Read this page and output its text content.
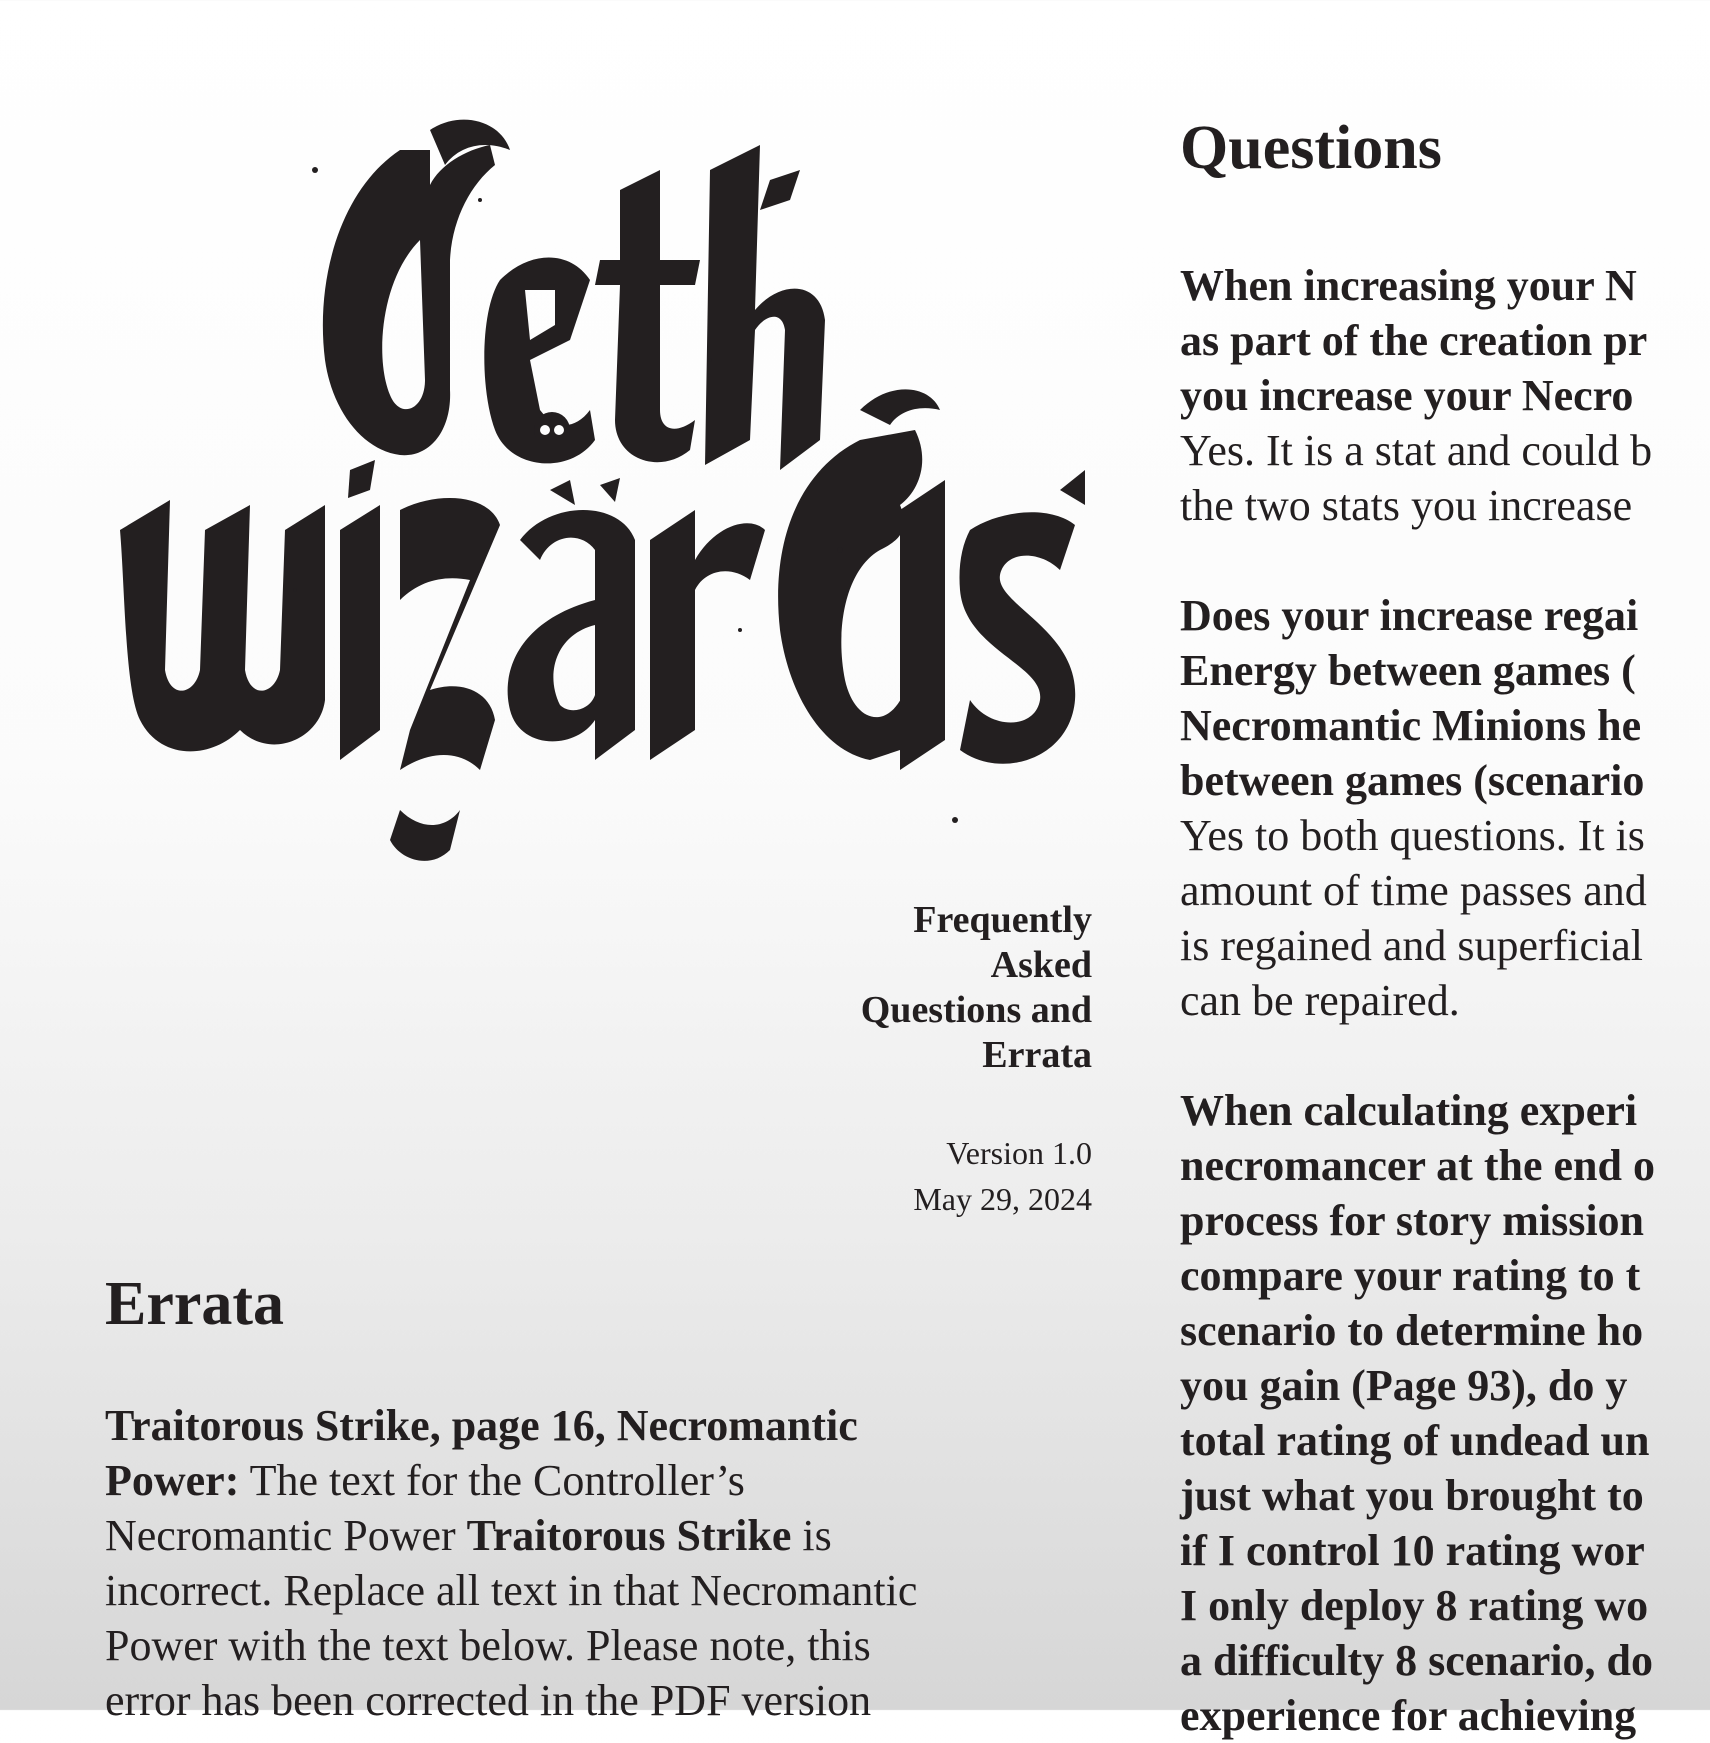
Frequently
Asked
Questions and
Errata
Version 1.0
May 29, 2024
Errata
Traitorous Strike, page 16, Necromantic
Power: The text for the Controller’s
Necromantic Power Traitorous Strike is
incorrect. Replace all text in that Necromantic
Power with the text below. Please note, this
error has been corrected in the PDF version
Questions
When increasing your N
as part of the creation pr
you increase your Necro
Yes. It is a stat and could b
the two stats you increase
Does your increase regai
Energy between games (
Necromantic Minions he
between games (scenario
Yes to both questions. It is
amount of time passes and
is regained and superficial
can be repaired.
When calculating experi
necromancer at the end o
process for story mission
compare your rating to t
scenario to determine ho
you gain (Page 93), do y
total rating of undead un
just what you brought to
if I control 10 rating wor
I only deploy 8 rating wo
a difficulty 8 scenario, do
experience for achieving
